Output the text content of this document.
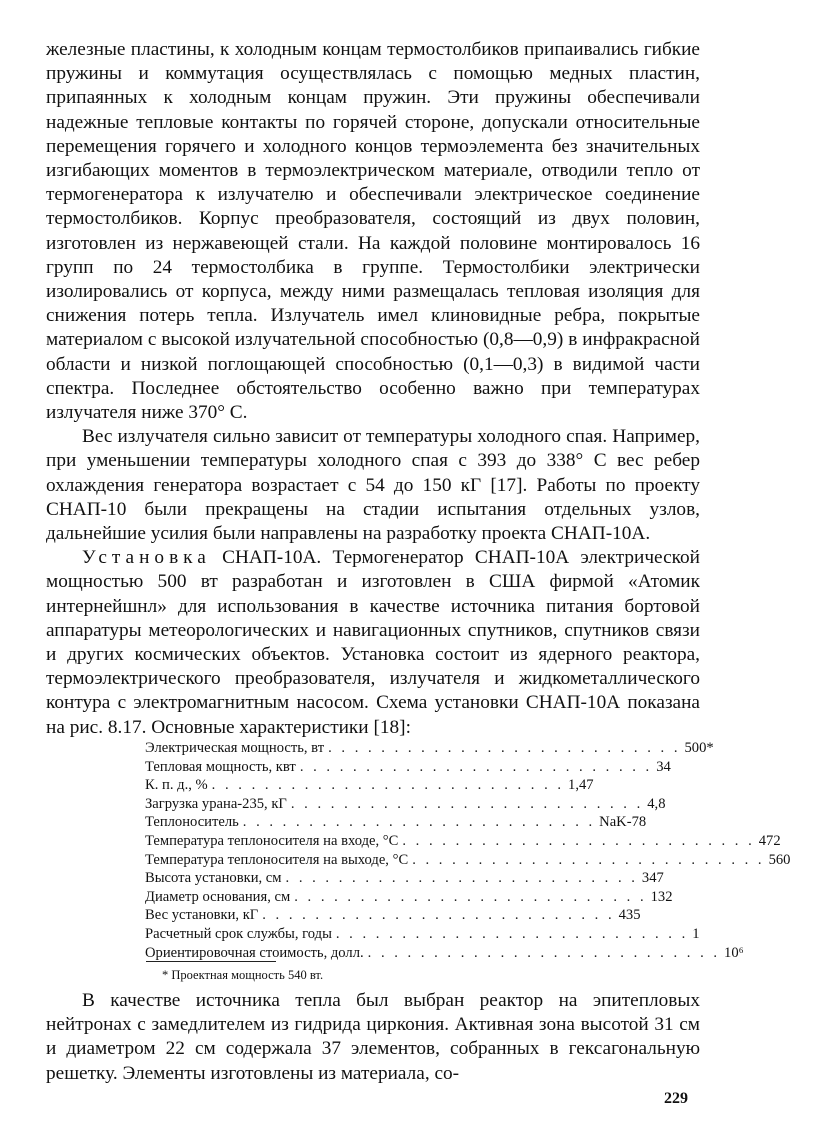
железные пластины, к холодным концам термостолбиков припаивались гибкие пружины и коммутация осуществлялась с помощью медных пластин, припаянных к холодным концам пружин. Эти пружины обеспечивали надежные тепловые контакты по горячей стороне, допускали относительные перемещения горячего и холодного концов термоэлемента без значительных изгибающих моментов в термоэлектрическом материале, отводили тепло от термогенератора к излучателю и обеспечивали электрическое соединение термостолбиков. Корпус преобразователя, состоящий из двух половин, изготовлен из нержавеющей стали. На каждой половине монтировалось 16 групп по 24 термостолбика в группе. Термостолбики электрически изолировались от корпуса, между ними размещалась тепловая изоляция для снижения потерь тепла. Излучатель имел клиновидные ребра, покрытые материалом с высокой излучательной способностью (0,8—0,9) в инфракрасной области и низкой поглощающей способностью (0,1—0,3) в видимой части спектра. Последнее обстоятельство особенно важно при температурах излучателя ниже 370° С.

Вес излучателя сильно зависит от температуры холодного спая. Например, при уменьшении температуры холодного спая с 393 до 338° С вес ребер охлаждения генератора возрастает с 54 до 150 кГ [17]. Работы по проекту СНАП-10 были прекращены на стадии испытания отдельных узлов, дальнейшие усилия были направлены на разработку проекта СНАП-10А.

Установка СНАП-10А. Термогенератор СНАП-10А электрической мощностью 500 вт разработан и изготовлен в США фирмой «Атомик интернейшнл» для использования в качестве источника питания бортовой аппаратуры метеорологических и навигационных спутников, спутников связи и других космических объектов. Установка состоит из ядерного реактора, термоэлектрического преобразователя, излучателя и жидкометаллического контура с электромагнитным насосом. Схема установки СНАП-10А показана на рис. 8.17. Основные характеристики [18]:

Электрическая мощность, вт . . . . . . . . . . . . . . . . . . . . . . . . . . . 500*
Тепловая мощность, квт . . . . . . . . . . . . . . . . . . . . . . . . . . . 34
К. п. д., % . . . . . . . . . . . . . . . . . . . . . . . . . . . 1,47
Загрузка урана-235, кГ . . . . . . . . . . . . . . . . . . . . . . . . . . . 4,8
Теплоноситель . . . . . . . . . . . . . . . . . . . . . . . . . . . NaK-78
Температура теплоносителя на входе, °С . . . . . . . . . . . . . . . . . . . . . . . . . . . 472
Температура теплоносителя на выходе, °С . . . . . . . . . . . . . . . . . . . . . . . . . . . 560
Высота установки, см . . . . . . . . . . . . . . . . . . . . . . . . . . . 347
Диаметр основания, см . . . . . . . . . . . . . . . . . . . . . . . . . . . 132
Вес установки, кГ . . . . . . . . . . . . . . . . . . . . . . . . . . . 435
Расчетный срок службы, годы . . . . . . . . . . . . . . . . . . . . . . . . . . . 1
Ориентировочная стоимость, долл. . . . . . . . . . . . . . . . . . . . . . . . . . . . 10⁶
* Проектная мощность 540 вт.

В качестве источника тепла был выбран реактор на эпитепловых нейтронах с замедлителем из гидрида циркония. Активная зона высотой 31 см и диаметром 22 см содержала 37 элементов, собранных в гексагональную решетку. Элементы изготовлены из материала, со-

229
